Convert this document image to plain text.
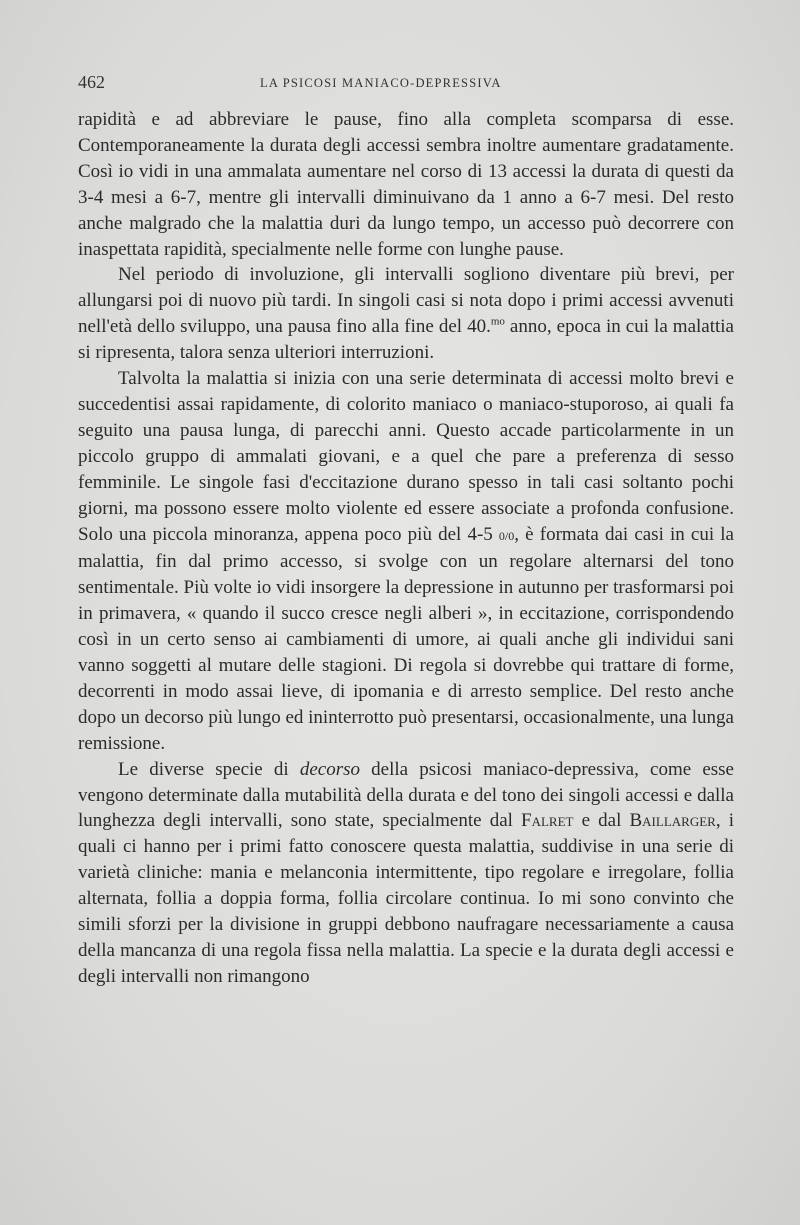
462	LA PSICOSI MANIACO-DEPRESSIVA

rapidità e ad abbreviare le pause, fino alla completa scomparsa di esse. Contemporaneamente la durata degli accessi sembra inoltre aumentare gradatamente. Così io vidi in una ammalata aumentare nel corso di 13 accessi la durata di questi da 3-4 mesi a 6-7, mentre gli intervalli diminuivano da 1 anno a 6-7 mesi. Del resto anche malgrado che la malattia duri da lungo tempo, un accesso può decorrere con inaspettata rapidità, specialmente nelle forme con lunghe pause.

Nel periodo di involuzione, gli intervalli sogliono diventare più brevi, per allungarsi poi di nuovo più tardi. In singoli casi si nota dopo i primi accessi avvenuti nell'età dello sviluppo, una pausa fino alla fine del 40.$^{mo}$ anno, epoca in cui la malattia si ripresenta, talora senza ulteriori interruzioni.

Talvolta la malattia si inizia con una serie determinata di accessi molto brevi e succedentisi assai rapidamente, di colorito maniaco o maniaco-stuporoso, ai quali fa seguito una pausa lunga, di parecchi anni. Questo accade particolarmente in un piccolo gruppo di ammalati giovani, e a quel che pare a preferenza di sesso femminile. Le singole fasi d'eccitazione durano spesso in tali casi soltanto pochi giorni, ma possono essere molto violente ed essere associate a profonda confusione. Solo una piccola minoranza, appena poco più del 4-5 0/0, è formata dai casi in cui la malattia, fin dal primo accesso, si svolge con un regolare alternarsi del tono sentimentale. Più volte io vidi insorgere la depressione in autunno per trasformarsi poi in primavera, « quando il succo cresce negli alberi », in eccitazione, corrispondendo così in un certo senso ai cambiamenti di umore, ai quali anche gli individui sani vanno soggetti al mutare delle stagioni. Di regola si dovrebbe qui trattare di forme, decorrenti in modo assai lieve, di ipomania e di arresto semplice. Del resto anche dopo un decorso più lungo ed ininterrotto può presentarsi, occasionalmente, una lunga remissione.

Le diverse specie di decorso della psicosi maniaco-depressiva, come esse vengono determinate dalla mutabilità della durata e del tono dei singoli accessi e dalla lunghezza degli intervalli, sono state, specialmente dal Falret e dal Baillarger, i quali ci hanno per i primi fatto conoscere questa malattia, suddivise in una serie di varietà cliniche: mania e melanconia intermittente, tipo regolare e irregolare, follia alternata, follia a doppia forma, follia circolare continua. Io mi sono convinto che simili sforzi per la divisione in gruppi debbono naufragare necessariamente a causa della mancanza di una regola fissa nella malattia. La specie e la durata degli accessi e degli intervalli non rimangono
